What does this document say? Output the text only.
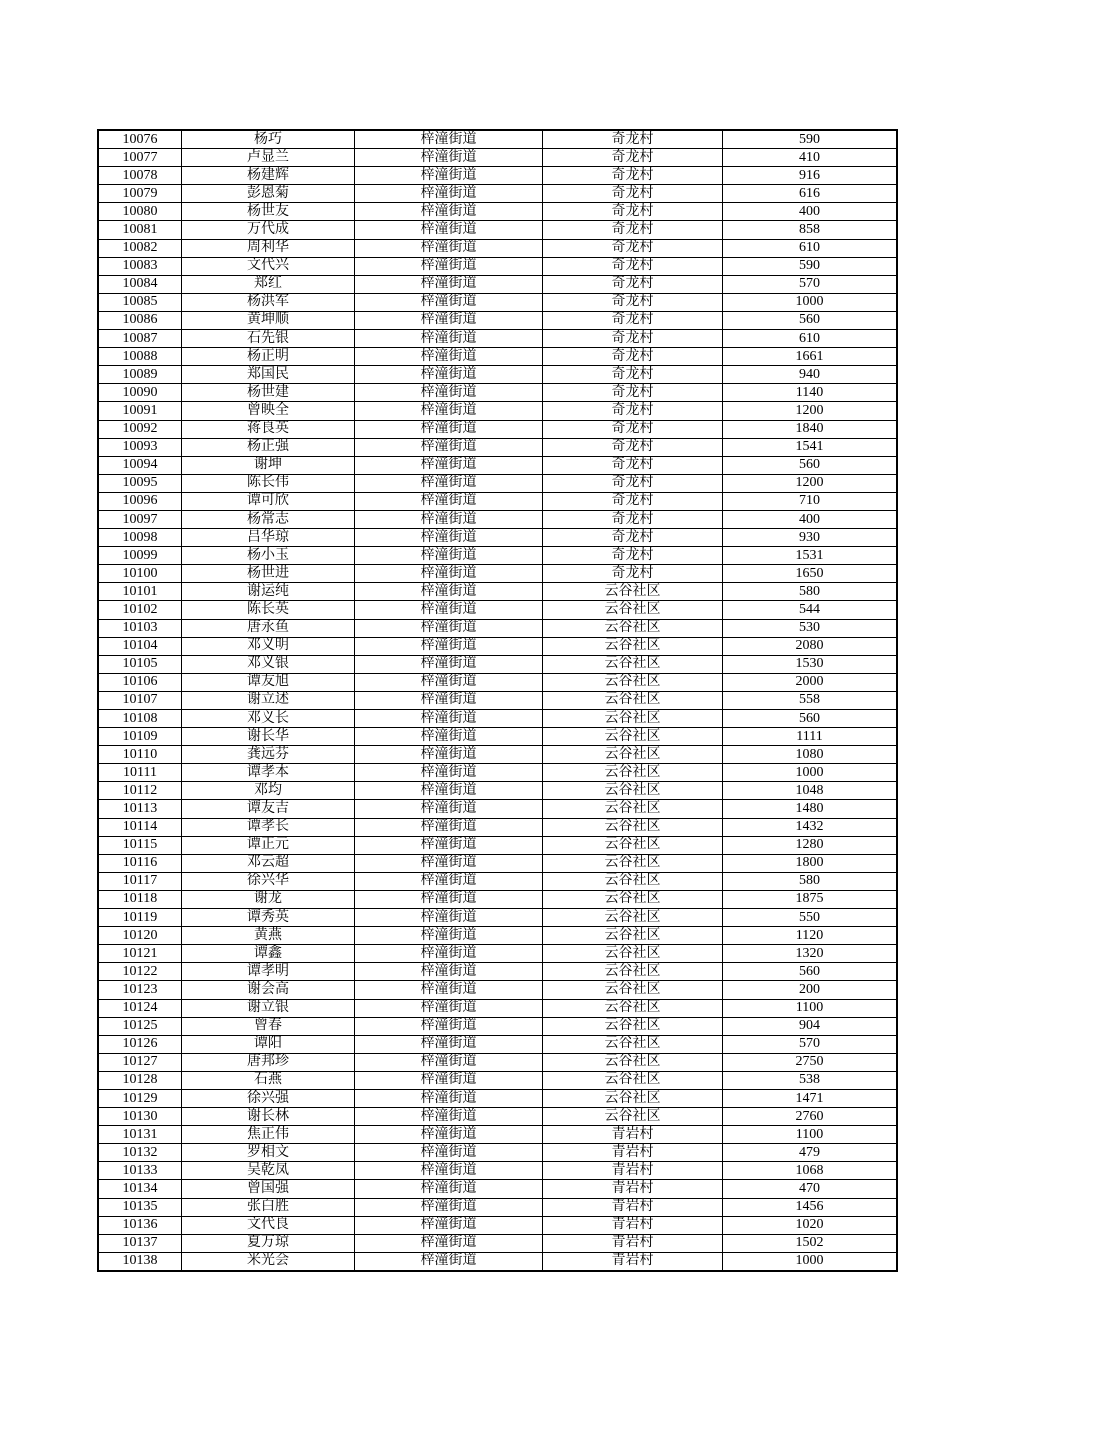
10076	杨巧	梓潼街道	奇龙村	590
10077	卢显兰	梓潼街道	奇龙村	410
10078	杨建辉	梓潼街道	奇龙村	916
10079	彭恩菊	梓潼街道	奇龙村	616
10080	杨世友	梓潼街道	奇龙村	400
10081	万代成	梓潼街道	奇龙村	858
10082	周利华	梓潼街道	奇龙村	610
10083	文代兴	梓潼街道	奇龙村	590
10084	郑红	梓潼街道	奇龙村	570
10085	杨洪军	梓潼街道	奇龙村	1000
10086	黄坤顺	梓潼街道	奇龙村	560
10087	石先银	梓潼街道	奇龙村	610
10088	杨正明	梓潼街道	奇龙村	1661
10089	郑国民	梓潼街道	奇龙村	940
10090	杨世建	梓潼街道	奇龙村	1140
10091	曾映全	梓潼街道	奇龙村	1200
10092	蒋良英	梓潼街道	奇龙村	1840
10093	杨正强	梓潼街道	奇龙村	1541
10094	谢坤	梓潼街道	奇龙村	560
10095	陈长伟	梓潼街道	奇龙村	1200
10096	谭可欣	梓潼街道	奇龙村	710
10097	杨常志	梓潼街道	奇龙村	400
10098	吕华琼	梓潼街道	奇龙村	930
10099	杨小玉	梓潼街道	奇龙村	1531
10100	杨世进	梓潼街道	奇龙村	1650
10101	谢运纯	梓潼街道	云谷社区	580
10102	陈长英	梓潼街道	云谷社区	544
10103	唐永鱼	梓潼街道	云谷社区	530
10104	邓义明	梓潼街道	云谷社区	2080
10105	邓义银	梓潼街道	云谷社区	1530
10106	谭友旭	梓潼街道	云谷社区	2000
10107	谢立述	梓潼街道	云谷社区	558
10108	邓义长	梓潼街道	云谷社区	560
10109	谢长华	梓潼街道	云谷社区	1111
10110	龚远芬	梓潼街道	云谷社区	1080
10111	谭孝本	梓潼街道	云谷社区	1000
10112	邓均	梓潼街道	云谷社区	1048
10113	谭友吉	梓潼街道	云谷社区	1480
10114	谭孝长	梓潼街道	云谷社区	1432
10115	谭正元	梓潼街道	云谷社区	1280
10116	邓云超	梓潼街道	云谷社区	1800
10117	徐兴华	梓潼街道	云谷社区	580
10118	谢龙	梓潼街道	云谷社区	1875
10119	谭秀英	梓潼街道	云谷社区	550
10120	黄燕	梓潼街道	云谷社区	1120
10121	谭鑫	梓潼街道	云谷社区	1320
10122	谭孝明	梓潼街道	云谷社区	560
10123	谢会高	梓潼街道	云谷社区	200
10124	谢立银	梓潼街道	云谷社区	1100
10125	曾春	梓潼街道	云谷社区	904
10126	谭阳	梓潼街道	云谷社区	570
10127	唐邦珍	梓潼街道	云谷社区	2750
10128	石燕	梓潼街道	云谷社区	538
10129	徐兴强	梓潼街道	云谷社区	1471
10130	谢长林	梓潼街道	云谷社区	2760
10131	焦正伟	梓潼街道	青岩村	1100
10132	罗相文	梓潼街道	青岩村	479
10133	吴乾凤	梓潼街道	青岩村	1068
10134	曾国强	梓潼街道	青岩村	470
10135	张白胜	梓潼街道	青岩村	1456
10136	文代良	梓潼街道	青岩村	1020
10137	夏万琼	梓潼街道	青岩村	1502
10138	米光会	梓潼街道	青岩村	1000
